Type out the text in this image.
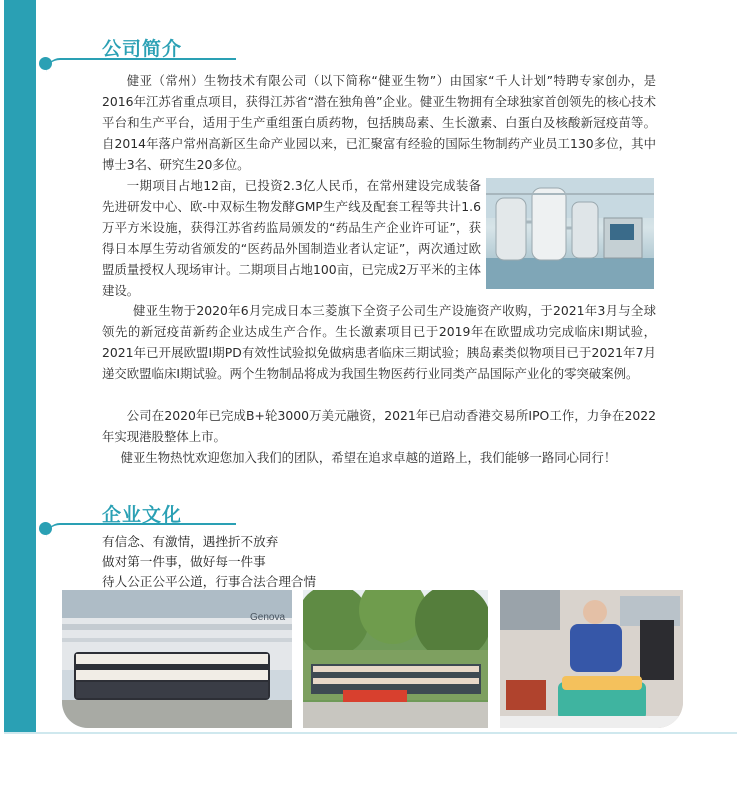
公司简介

健亚（常州）生物技术有限公司（以下简称“健亚生物”）由国家“千人计划”特聘专家创办，是2016年江苏省重点项目，获得江苏省“潜在独角兽”企业。健亚生物拥有全球独家首创领先的核心技术平台和生产平台，适用于生产重组蛋白质药物，包括胰岛素、生长激素、白蛋白及核酸新冠疫苗等。自2014年落户常州高新区生命产业园以来，已汇聚富有经验的国际生物制药产业员工130多位，其中博士3名、研究生20多位。

一期项目占地12亩，已投资2.3亿人民币，在常州建设完成装备先进研发中心、欧-中双标生物发酵GMP生产线及配套工程等共计1.6万平方米设施，获得江苏省药监局颁发的“药品生产企业许可证”，获得日本厚生劳动省颁发的“医药品外国制造业者认定证”，两次通过欧盟质量授权人现场审计。二期项目占地100亩，已完成2万平米的主体建设。

健亚生物于2020年6月完成日本三菱旗下全资子公司生产设施资产收购，于2021年3月与全球领先的新冠疫苗新药企业达成生产合作。生长激素项目已于2019年在欧盟成功完成临床I期试验，2021年已开展欧盟I期PD有效性试验拟免做病患者临床三期试验；胰岛素类似物项目已于2021年7月递交欧盟临床I期试验。两个生物制品将成为我国生物医药行业同类产品国际产业化的零突破案例。

公司在2020年已完成B+轮3000万美元融资，2021年已启动香港交易所IPO工作，力争在2022年实现港股整体上市。

健亚生物热忱欢迎您加入我们的团队，希望在追求卓越的道路上，我们能够一路同心同行！

企业文化
有信念、有激情，遇挫折不放弃
做对第一件事，做好每一件事
待人公正公平公道，行事合法合理合情
Genova
